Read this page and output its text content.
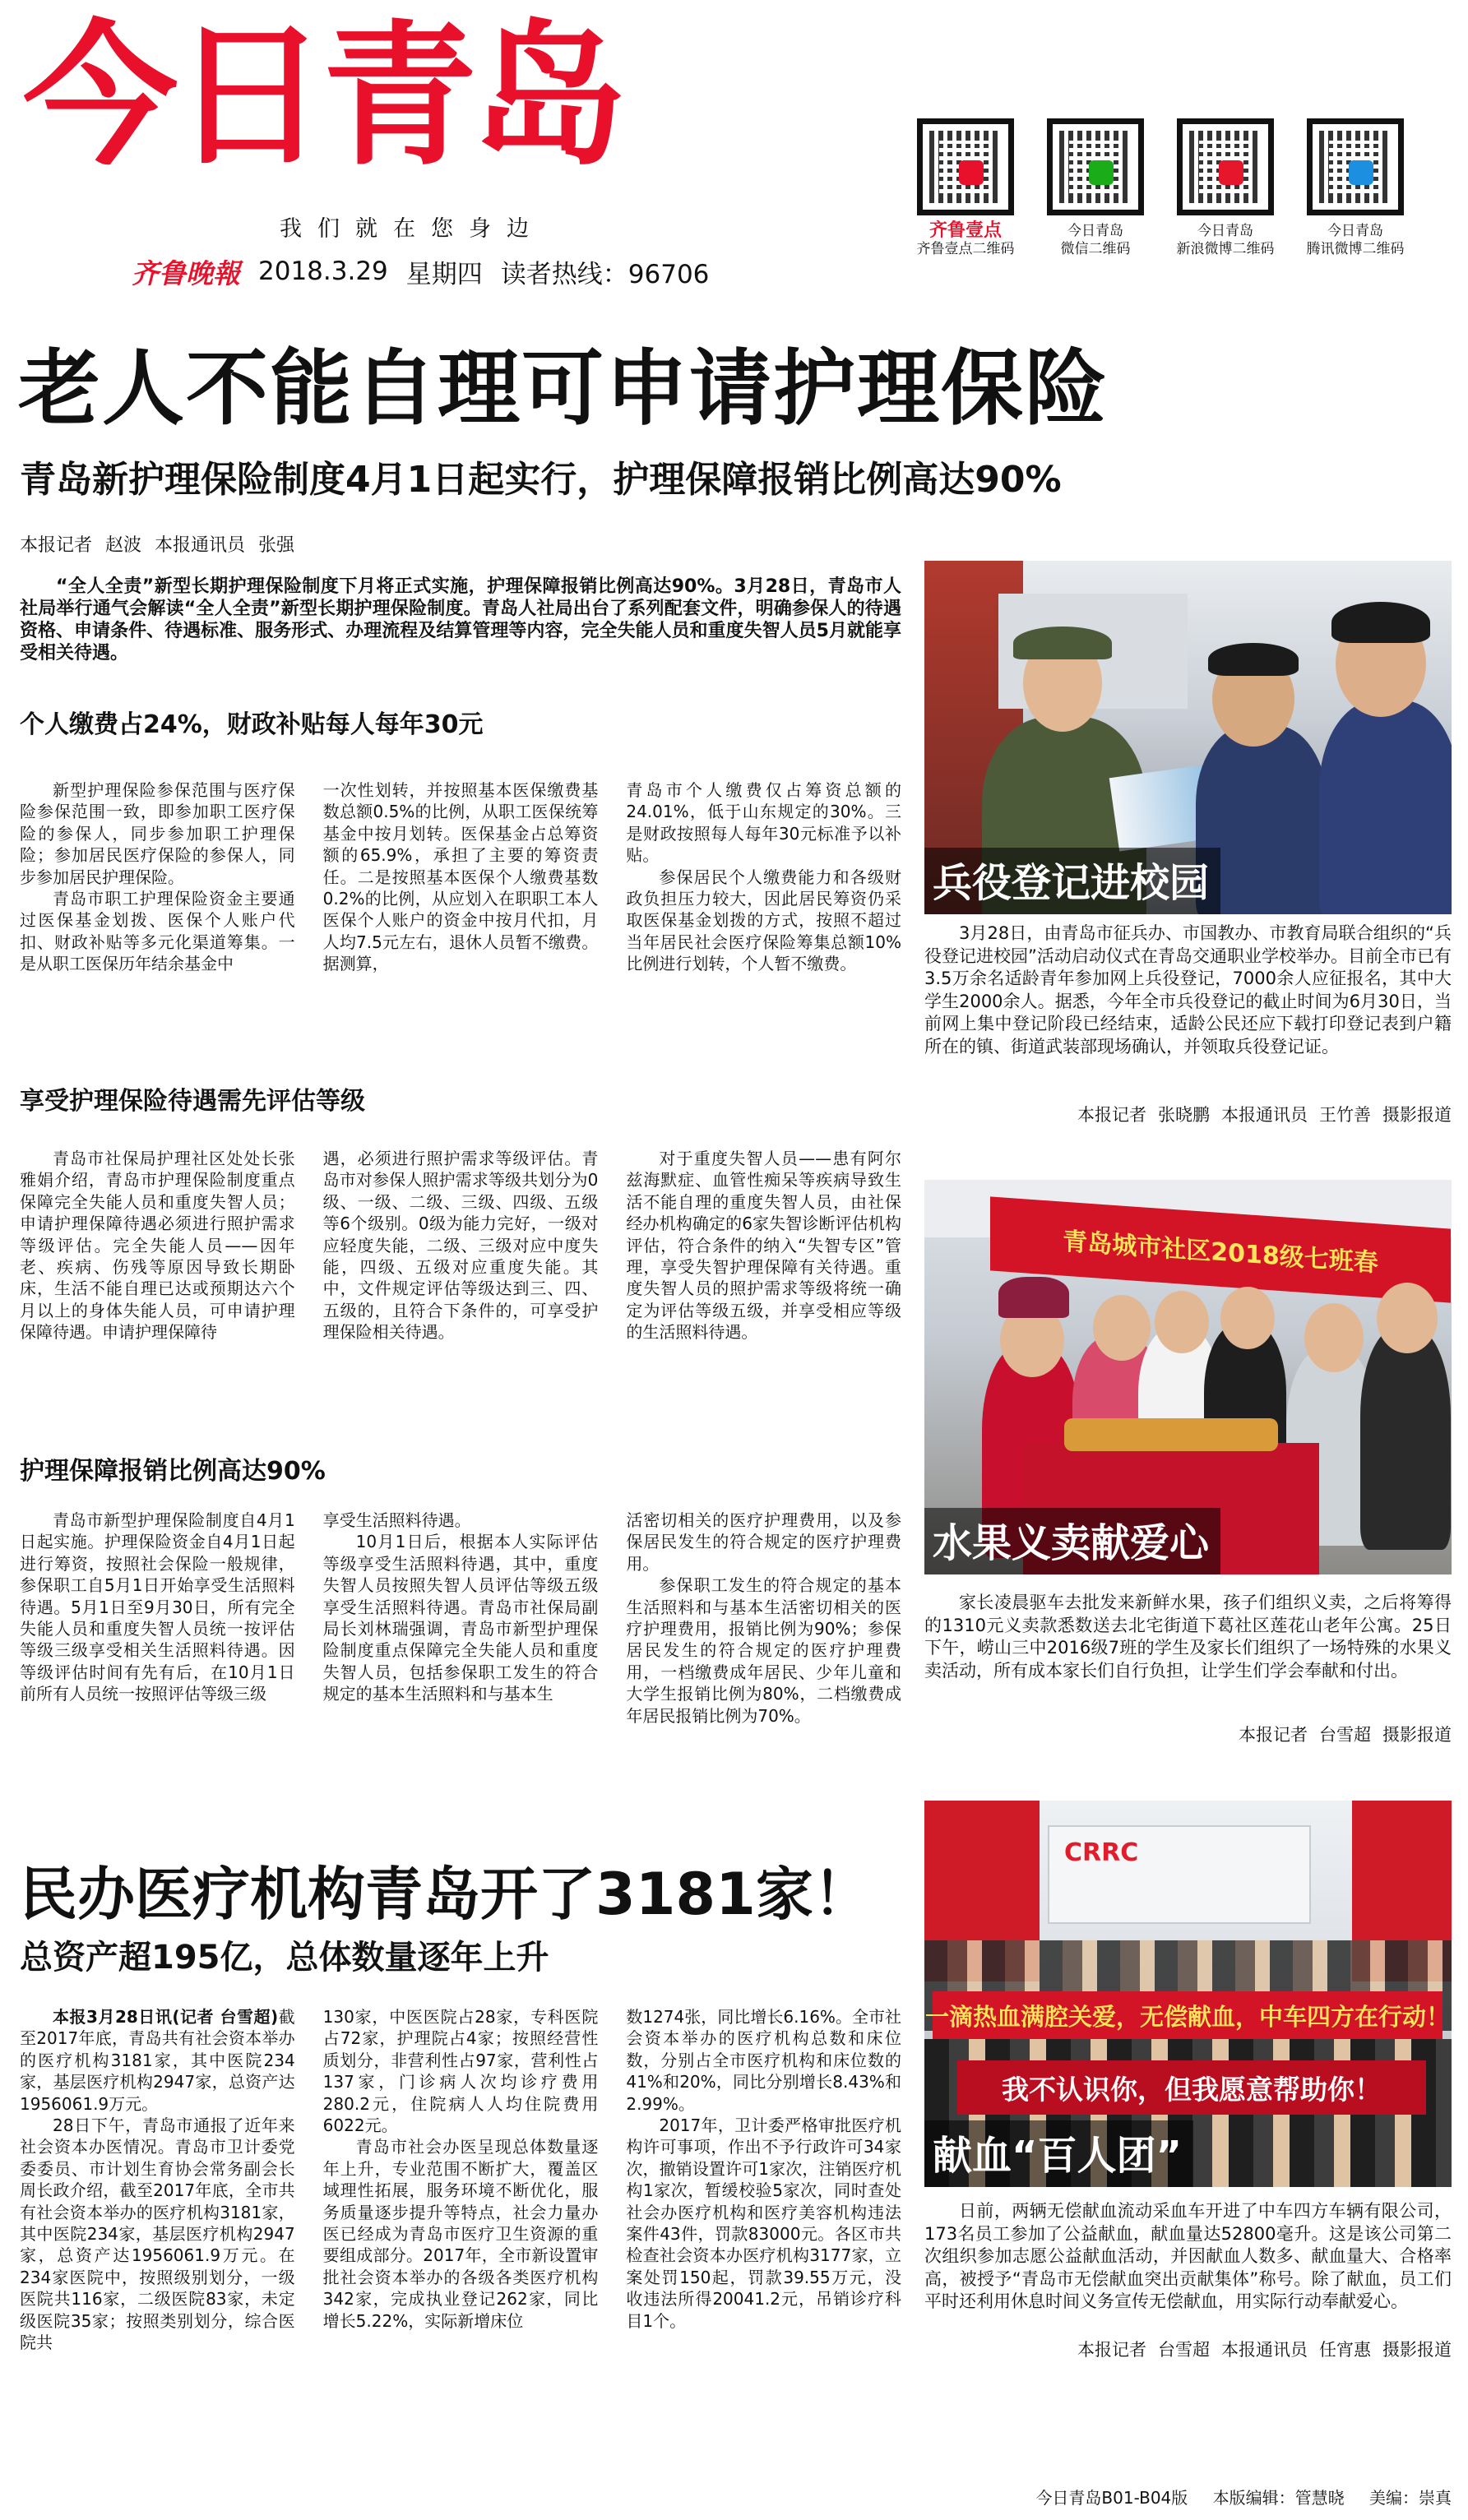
今日青岛
我们就在您身边
齐鲁晚報 2018.3.29 星期四 读者热线：96706
齐鲁壹点
齐鲁壹点二维码
今日青岛
微信二维码
今日青岛
新浪微博二维码
今日青岛
腾讯微博二维码
老人不能自理可申请护理保险
青岛新护理保险制度4月1日起实行，护理保障报销比例高达90%
本报记者 赵波 本报通讯员 张强
“全人全责”新型长期护理保险制度下月将正式实施，护理保障报销比例高达90%。3月28日，青岛市人社局举行通气会解读“全人全责”新型长期护理保险制度。青岛人社局出台了系列配套文件，明确参保人的待遇资格、申请条件、待遇标准、服务形式、办理流程及结算管理等内容，完全失能人员和重度失智人员5月就能享受相关待遇。
个人缴费占24%，财政补贴每人每年30元

新型护理保险参保范围与医疗保险参保范围一致，即参加职工医疗保险的参保人，同步参加职工护理保险；参加居民医疗保险的参保人，同步参加居民护理保险。

青岛市职工护理保险资金主要通过医保基金划拨、医保个人账户代扣、财政补贴等多元化渠道筹集。一是从职工医保历年结余基金中

一次性划转，并按照基本医保缴费基数总额0.5%的比例，从职工医保统筹基金中按月划转。医保基金占总筹资额的65.9%，承担了主要的筹资责任。二是按照基本医保个人缴费基数0.2%的比例，从应划入在职职工本人医保个人账户的资金中按月代扣，月人均7.5元左右，退休人员暂不缴费。据测算，

青岛市个人缴费仅占筹资总额的24.01%，低于山东规定的30%。三是财政按照每人每年30元标准予以补贴。

参保居民个人缴费能力和各级财政负担压力较大，因此居民筹资仍采取医保基金划拨的方式，按照不超过当年居民社会医疗保险筹集总额10%比例进行划转，个人暂不缴费。

享受护理保险待遇需先评估等级

青岛市社保局护理社区处处长张雅娟介绍，青岛市护理保险制度重点保障完全失能人员和重度失智人员；申请护理保障待遇必须进行照护需求等级评估。完全失能人员——因年老、疾病、伤残等原因导致长期卧床，生活不能自理已达或预期达六个月以上的身体失能人员，可申请护理保障待遇。申请护理保障待

遇，必须进行照护需求等级评估。青岛市对参保人照护需求等级共划分为0级、一级、二级、三级、四级、五级等6个级别。0级为能力完好，一级对应轻度失能，二级、三级对应中度失能，四级、五级对应重度失能。其中，文件规定评估等级达到三、四、五级的，且符合下条件的，可享受护理保险相关待遇。

对于重度失智人员——患有阿尔兹海默症、血管性痴呆等疾病导致生活不能自理的重度失智人员，由社保经办机构确定的6家失智诊断评估机构评估，符合条件的纳入“失智专区”管理，享受失智护理保障有关待遇。重度失智人员的照护需求等级将统一确定为评估等级五级，并享受相应等级的生活照料待遇。

护理保障报销比例高达90%

青岛市新型护理保险制度自4月1日起实施。护理保险资金自4月1日起进行筹资，按照社会保险一般规律，参保职工自5月1日开始享受生活照料待遇。5月1日至9月30日，所有完全失能人员和重度失智人员统一按评估等级三级享受相关生活照料待遇。因等级评估时间有先有后，在10月1日前所有人员统一按照评估等级三级

享受生活照料待遇。

10月1日后，根据本人实际评估等级享受生活照料待遇，其中，重度失智人员按照失智人员评估等级五级享受生活照料待遇。青岛市社保局副局长刘林瑞强调，青岛市新型护理保险制度重点保障完全失能人员和重度失智人员，包括参保职工发生的符合规定的基本生活照料和与基本生

活密切相关的医疗护理费用，以及参保居民发生的符合规定的医疗护理费用。

参保职工发生的符合规定的基本生活照料和与基本生活密切相关的医疗护理费用，报销比例为90%；参保居民发生的符合规定的医疗护理费用，一档缴费成年居民、少年儿童和大学生报销比例为80%，二档缴费成年居民报销比例为70%。

民办医疗机构青岛开了3181家！
总资产超195亿，总体数量逐年上升

本报3月28日讯(记者 台雪超)截至2017年底，青岛共有社会资本举办的医疗机构3181家，其中医院234家，基层医疗机构2947家，总资产达1956061.9万元。

28日下午，青岛市通报了近年来社会资本办医情况。青岛市卫计委党委委员、市计划生育协会常务副会长周长政介绍，截至2017年底，全市共有社会资本举办的医疗机构3181家，其中医院234家，基层医疗机构2947家，总资产达1956061.9万元。在234家医院中，按照级别划分，一级医院共116家，二级医院83家，未定级医院35家；按照类别划分，综合医院共

130家，中医医院占28家，专科医院占72家，护理院占4家；按照经营性质划分，非营利性占97家，营利性占137家，门诊病人次均诊疗费用280.2元，住院病人人均住院费用6022元。

青岛市社会办医呈现总体数量逐年上升，专业范围不断扩大，覆盖区域理性拓展，服务环境不断优化，服务质量逐步提升等特点，社会力量办医已经成为青岛市医疗卫生资源的重要组成部分。2017年，全市新设置审批社会资本举办的各级各类医疗机构342家，完成执业登记262家，同比增长5.22%，实际新增床位

数1274张，同比增长6.16%。全市社会资本举办的医疗机构总数和床位数，分别占全市医疗机构和床位数的41%和20%，同比分别增长8.43%和2.99%。

2017年，卫计委严格审批医疗机构许可事项，作出不予行政许可34家次，撤销设置许可1家次，注销医疗机构1家次，暂缓校验5家次，同时查处社会办医疗机构和医疗美容机构违法案件43件，罚款83000元。各区市共检查社会资本办医疗机构3177家，立案处罚150起，罚款39.55万元，没收违法所得20041.2元，吊销诊疗科目1个。

兵役登记进校园

3月28日，由青岛市征兵办、市国教办、市教育局联合组织的“兵役登记进校园”活动启动仪式在青岛交通职业学校举办。目前全市已有3.5万余名适龄青年参加网上兵役登记，7000余人应征报名，其中大学生2000余人。据悉，今年全市兵役登记的截止时间为6月30日，当前网上集中登记阶段已经结束，适龄公民还应下载打印登记表到户籍所在的镇、街道武装部现场确认，并领取兵役登记证。

本报记者 张晓鹏 本报通讯员 王竹善 摄影报道
青岛城市社区2018级七班春
水果义卖献爱心

家长凌晨驱车去批发来新鲜水果，孩子们组织义卖，之后将筹得的1310元义卖款悉数送去北宅街道下葛社区莲花山老年公寓。25日下午，崂山三中2016级7班的学生及家长们组织了一场特殊的水果义卖活动，所有成本家长们自行负担，让学生们学会奉献和付出。

本报记者 台雪超 摄影报道
CRRC
一滴热血满腔关爱，无偿献血，中车四方在行动！
我不认识你，但我愿意帮助你！
献血“百人团”

日前，两辆无偿献血流动采血车开进了中车四方车辆有限公司，173名员工参加了公益献血，献血量达52800毫升。这是该公司第二次组织参加志愿公益献血活动，并因献血人数多、献血量大、合格率高，被授予“青岛市无偿献血突出贡献集体”称号。除了献血，员工们平时还利用休息时间义务宣传无偿献血，用实际行动奉献爱心。

本报记者 台雪超 本报通讯员 任宵惠 摄影报道
今日青岛B01-B04版 本版编辑：管慧晓 美编：崇真
